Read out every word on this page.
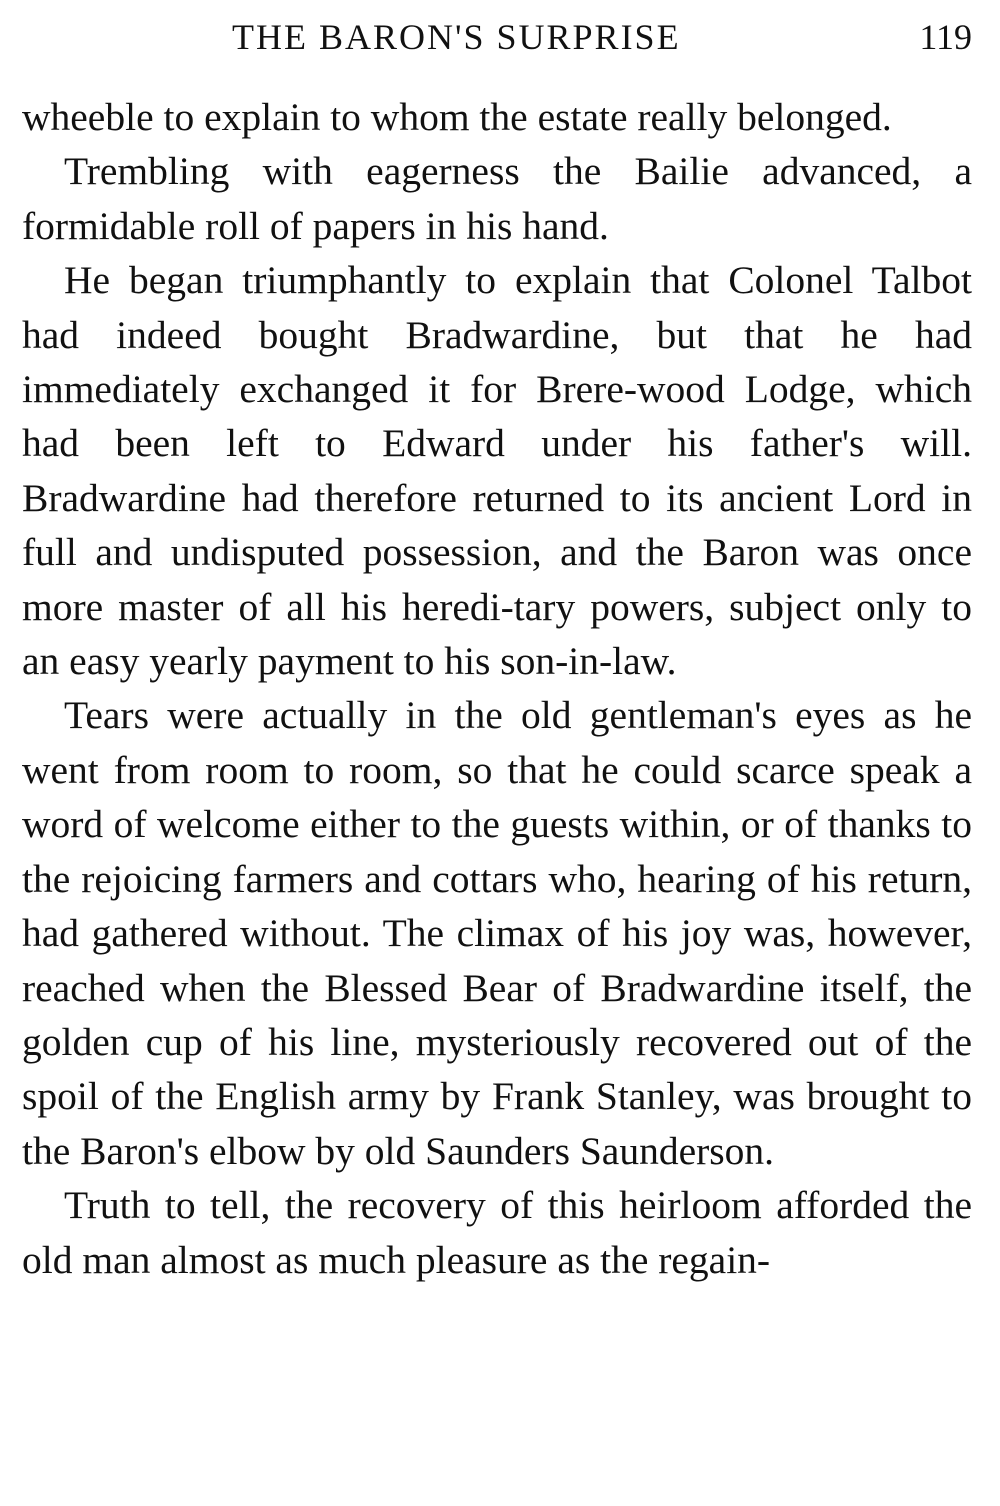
THE BARON'S SURPRISE	119

wheeble to explain to whom the estate really belonged.

Trembling with eagerness the Bailie advanced, a formidable roll of papers in his hand.

He began triumphantly to explain that Colonel Talbot had indeed bought Bradwardine, but that he had immediately exchanged it for Brere-wood Lodge, which had been left to Edward under his father's will. Bradwardine had therefore returned to its ancient Lord in full and undisputed possession, and the Baron was once more master of all his heredi-tary powers, subject only to an easy yearly payment to his son-in-law.

Tears were actually in the old gentleman's eyes as he went from room to room, so that he could scarce speak a word of welcome either to the guests within, or of thanks to the rejoicing farmers and cottars who, hearing of his return, had gathered without. The climax of his joy was, however, reached when the Blessed Bear of Bradwardine itself, the golden cup of his line, mysteriously recovered out of the spoil of the English army by Frank Stanley, was brought to the Baron's elbow by old Saunders Saunderson.

Truth to tell, the recovery of this heirloom afforded the old man almost as much pleasure as the regain-
